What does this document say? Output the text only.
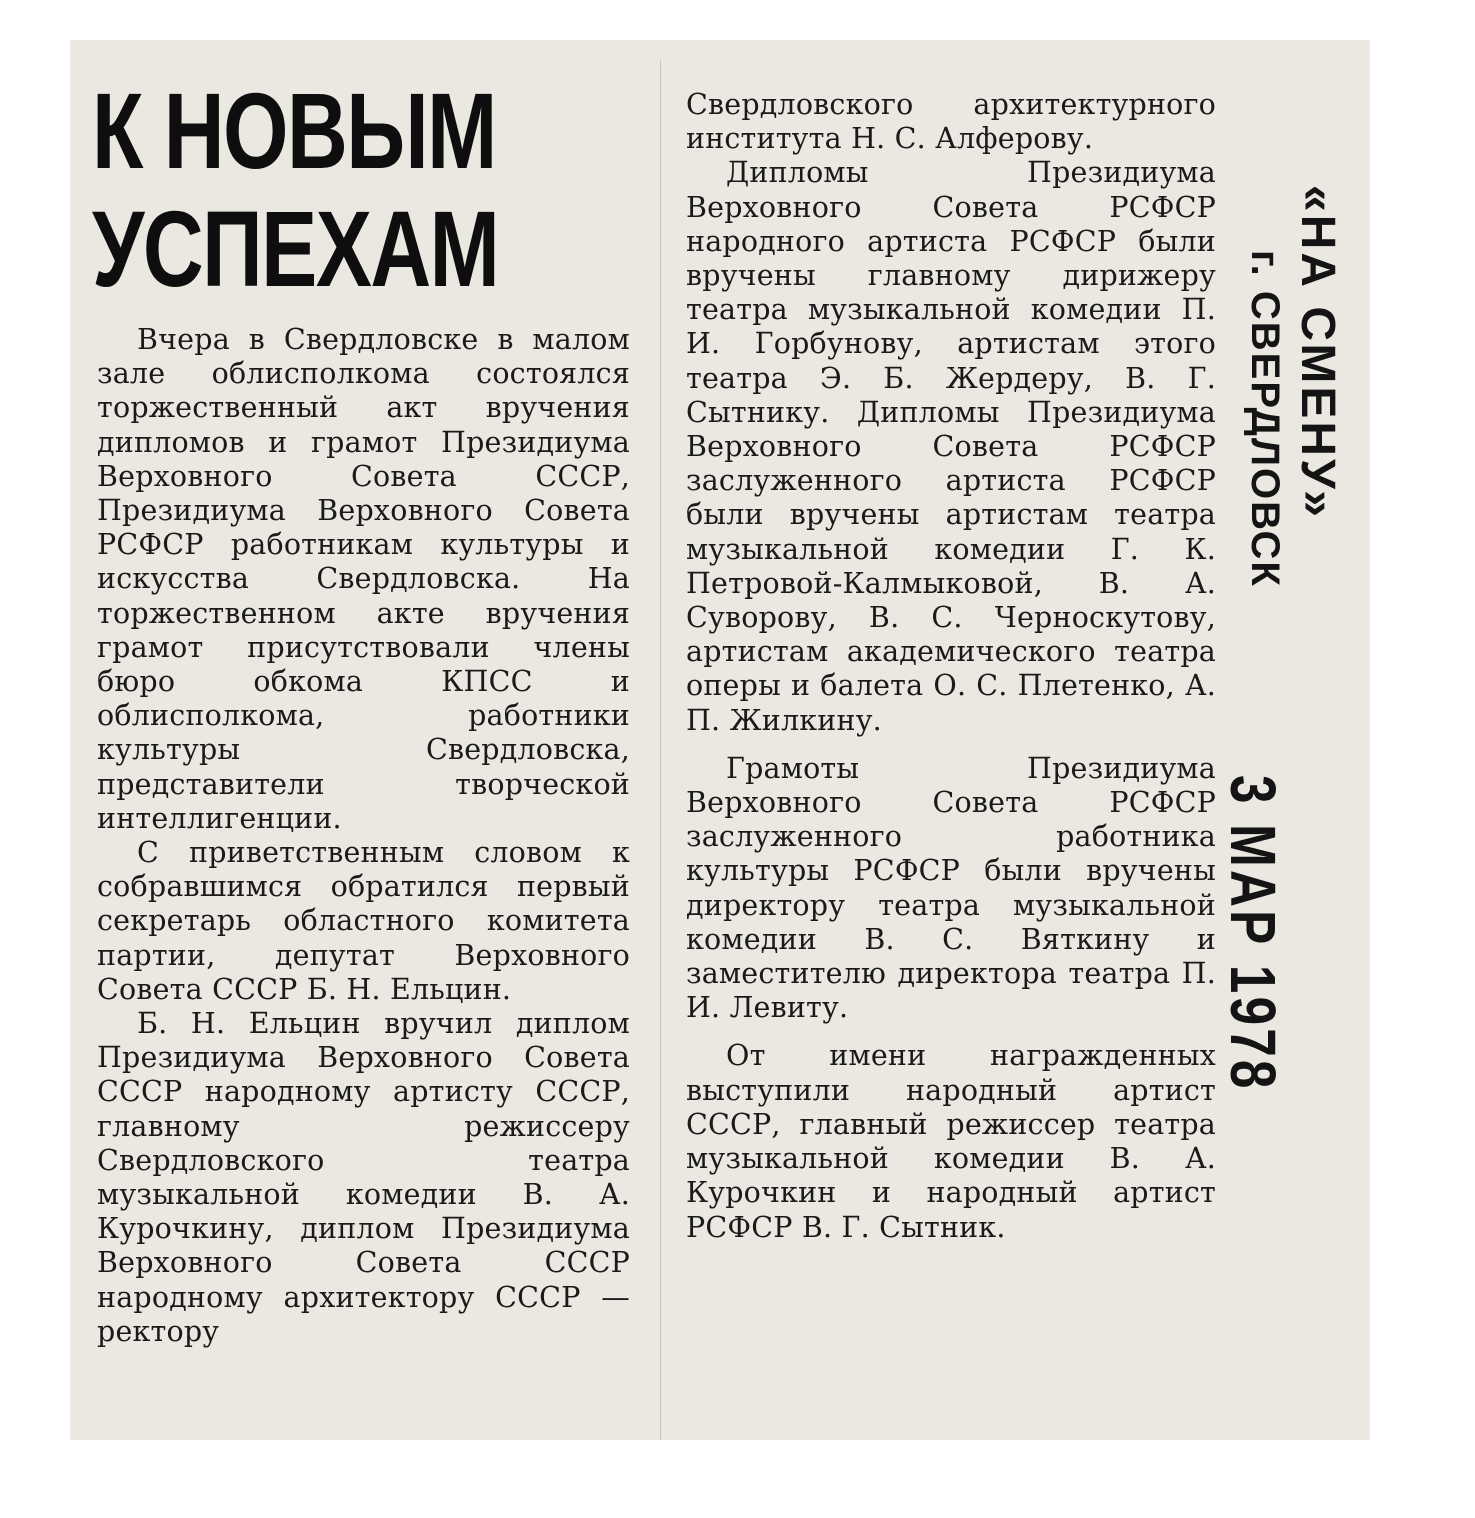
К НОВЫМ
УСПЕХАМ

Вчера в Свердловске в малом зале облисполкома состоялся торжественный акт вручения дипломов и грамот Президиума Верховного Совета СССР, Президиума Верховного Совета РСФСР работникам культуры и искусства Свердловска. На торжественном акте вручения грамот присутствовали члены бюро обкома КПСС и облисполкома, работники культуры Свердловска, представители творческой интеллигенции.

С приветственным словом к собравшимся обратился первый секретарь областного комитета партии, депутат Верховного Совета СССР Б. Н. Ельцин.

Б. Н. Ельцин вручил диплом Президиума Верховного Совета СССР народному артисту СССР, главному режиссеру Свердловского театра музыкальной комедии В. А. Курочкину, диплом Президиума Верховного Совета СССР народному архитектору СССР — ректору

Свердловского архитектурного института Н. С. Алферову.

Дипломы Президиума Верховного Совета РСФСР народного артиста РСФСР были вручены главному дирижеру театра музыкальной комедии П. И. Горбунову, артистам этого театра Э. Б. Жердеру, В. Г. Сытнику. Дипломы Президиума Верховного Совета РСФСР заслуженного артиста РСФСР были вручены артистам театра музыкальной комедии Г. К. Петровой-Калмыковой, В. А. Суворову, В. С. Черноскутову, артистам академического театра оперы и балета О. С. Плетенко, А. П. Жилкину.

Грамоты Президиума Верховного Совета РСФСР заслуженного работника культуры РСФСР были вручены директору театра музыкальной комедии В. С. Вяткину и заместителю директора театра П. И. Левиту.

От имени награжденных выступили народный артист СССР, главный режиссер театра музыкальной комедии В. А. Курочкин и народный артист РСФСР В. Г. Сытник.

«НА СМЕНУ»
г. СВЕРДЛОВСК
3 МАР 1978
